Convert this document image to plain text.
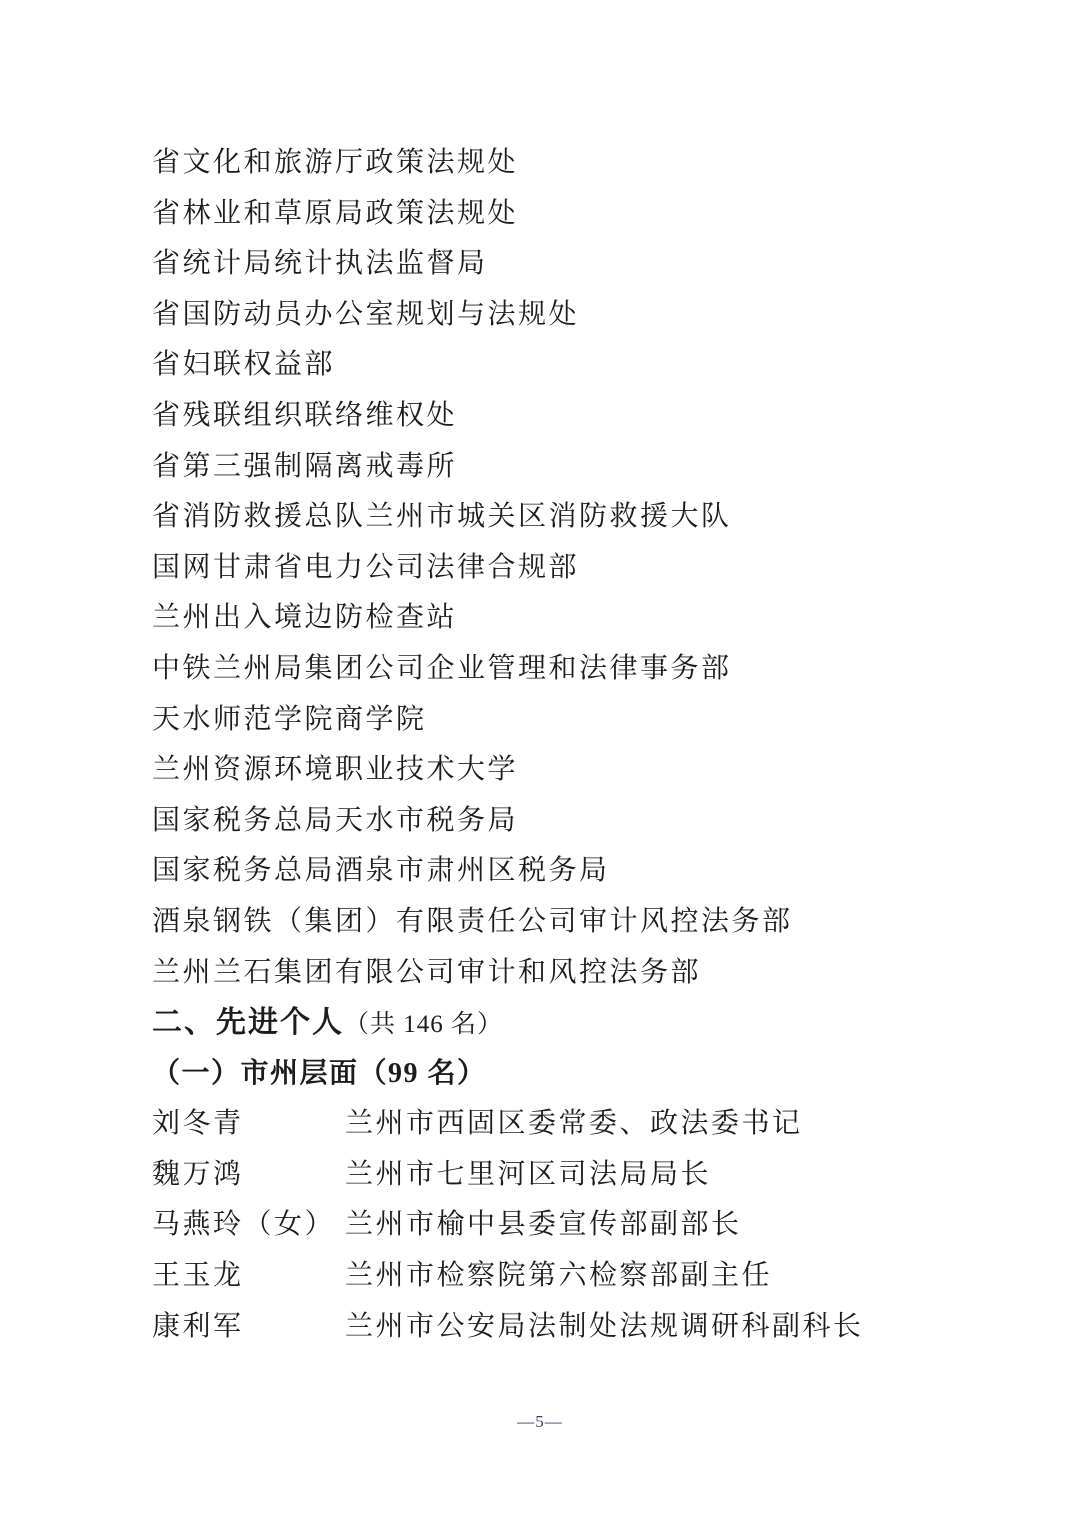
省文化和旅游厅政策法规处
省林业和草原局政策法规处
省统计局统计执法监督局
省国防动员办公室规划与法规处
省妇联权益部
省残联组织联络维权处
省第三强制隔离戒毒所
省消防救援总队兰州市城关区消防救援大队
国网甘肃省电力公司法律合规部
兰州出入境边防检查站
中铁兰州局集团公司企业管理和法律事务部
天水师范学院商学院
兰州资源环境职业技术大学
国家税务总局天水市税务局
国家税务总局酒泉市肃州区税务局
酒泉钢铁（集团）有限责任公司审计风控法务部
兰州兰石集团有限公司审计和风控法务部
二、先进个人（共 146 名）
（一）市州层面（99 名）
刘冬青	兰州市西固区委常委、政法委书记
魏万鸿	兰州市七里河区司法局局长
马燕玲（女） 兰州市榆中县委宣传部副部长
王玉龙	兰州市检察院第六检察部副主任
康利军	兰州市公安局法制处法规调研科副科长
—5—
